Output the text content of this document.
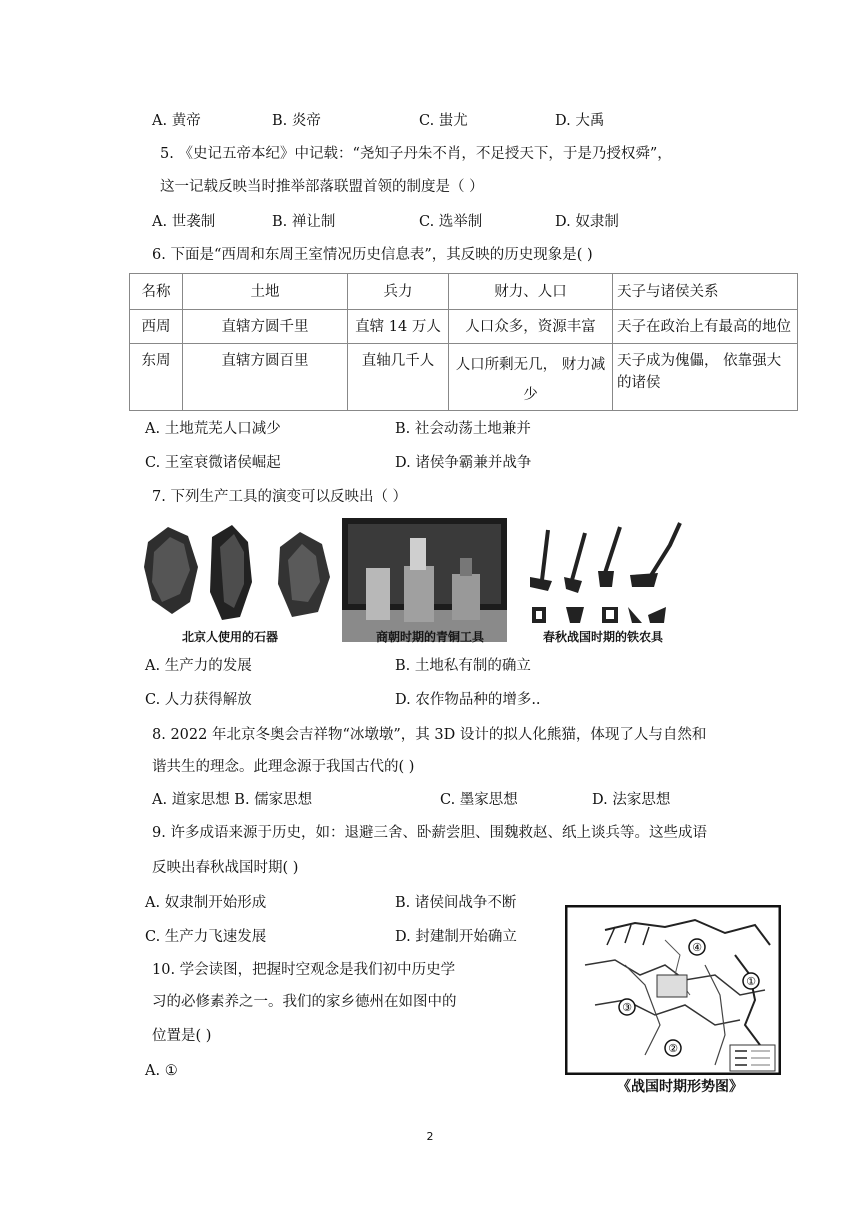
A. 黄帝	B. 炎帝	C. 蚩尤	D. 大禹
5. 《史记五帝本纪》中记载：“尧知子丹朱不肖，不足授天下，于是乃授权舜”，
这一记载反映当时推举部落联盟首领的制度是（ ）
A. 世袭制	B. 禅让制	C. 选举制	D. 奴隶制
6. 下面是“西周和东周王室情况历史信息表”，其反映的历史现象是( )
名称	土地	兵力	财力、人口	天子与诸侯关系
西周	直辖方圆千里	直辖 14 万人	人口众多，资源丰富	天子在政治上有最高的地位
东周	直辖方圆百里	直轴几千人	人口所剩无几， 财力减少	天子成为傀儡， 依靠强大的诸侯
A. 土地荒芜人口减少	B. 社会动荡土地兼并
C. 王室衰微诸侯崛起	D. 诸侯争霸兼并战争
7. 下列生产工具的演变可以反映出（ ）
北京人使用的石器	商朝时期的青铜工具	春秋战国时期的铁农具
A. 生产力的发展	B. 土地私有制的确立
C. 人力获得解放	D. 农作物品种的增多..
8. 2022 年北京冬奥会吉祥物“冰墩墩”，其 3D 设计的拟人化熊猫，体现了人与自然和
谐共生的理念。此理念源于我国古代的( )
A. 道家思想 B. 儒家思想	C. 墨家思想	D. 法家思想
9. 许多成语来源于历史，如：退避三舍、卧薪尝胆、围魏救赵、纸上谈兵等。这些成语
反映出春秋战国时期( )
A. 奴隶制开始形成	B. 诸侯间战争不断
C. 生产力飞速发展	D. 封建制开始确立
10. 学会读图，把握时空观念是我们初中历史学
习的必修素养之一。我们的家乡德州在如图中的
位置是( )
A. ①
④
①
③
②
《战国时期形势图》
2
